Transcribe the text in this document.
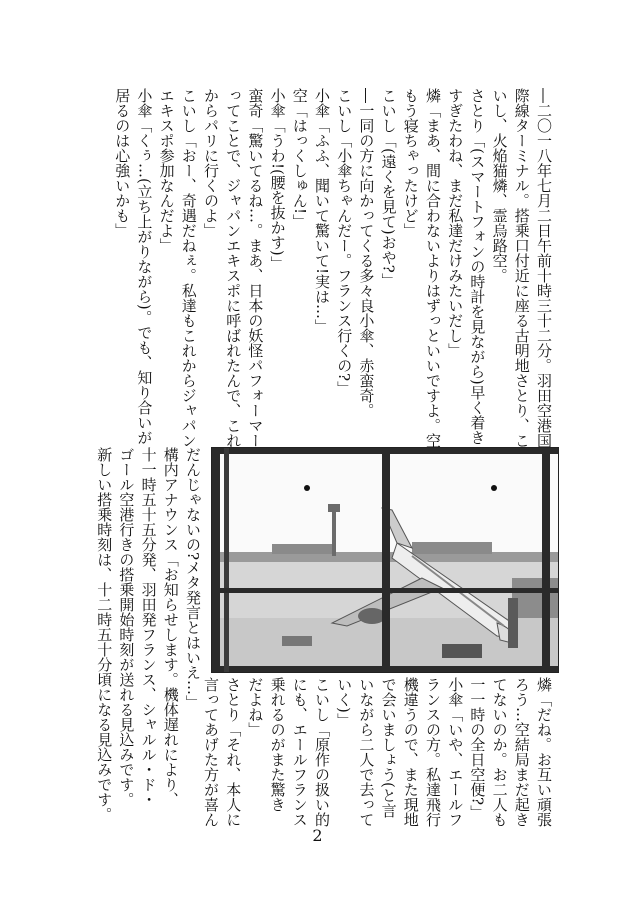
―二〇一八年七月二日午前十時三十二分。羽田空港国
際線ターミナル。搭乗口付近に座る古明地さとり、こ
いし、火焔猫燐、霊烏路空。
さとり「(スマートフォンの時計を見ながら)早く着き
すぎたわね、まだ私達だけみたいだし」
燐「まあ、間に合わないよりはずっといいですよ。空
もう寝ちゃったけど」
こいし「(遠くを見て)おや?」
―一同の方に向かってくる多々良小傘、赤蛮奇。
こいし「小傘ちゃんだー。フランス行くの?」
小傘「ふふ、聞いて驚いて!実は…」
空「はっくしゅん!」
小傘「うわ!(腰を抜かす)」
蛮奇「驚いてるね…。まあ、日本の妖怪パフォーマー
ってことで、ジャパンエキスポに呼ばれたんで、これ
からパリに行くのよ」
こいし「おー、奇遇だねぇ。私達もこれからジャパン
エキスポ参加なんだよ」
小傘「くぅ…(立ち上がりながら)。でも、知り合いが
居るのは心強いかも」
燐「だね。お互い頑張
ろう…空結局まだ起き
てないのか。お二人も
一一時の全日空便?」
小傘「いや、エールフ
ランスの方。私達飛行
機違うので、また現地
で会いましょう(と言
いながら二人で去って
いく)」
こいし「原作の扱い的
にも、エールフランス
乗れるのがまた驚き
だよね」
さとり「それ、本人に
言ってあげた方が喜ん
だんじゃないの?メタ発言とはいえ…」
構内アナウンス「お知らせします。機体遅れにより、
十一時五十五分発、羽田発フランス、シャルル・ド・
ゴール空港行きの搭乗開始時刻が送れる見込みです。
新しい搭乗時刻は、十二時五十分頃になる見込みです。
2
